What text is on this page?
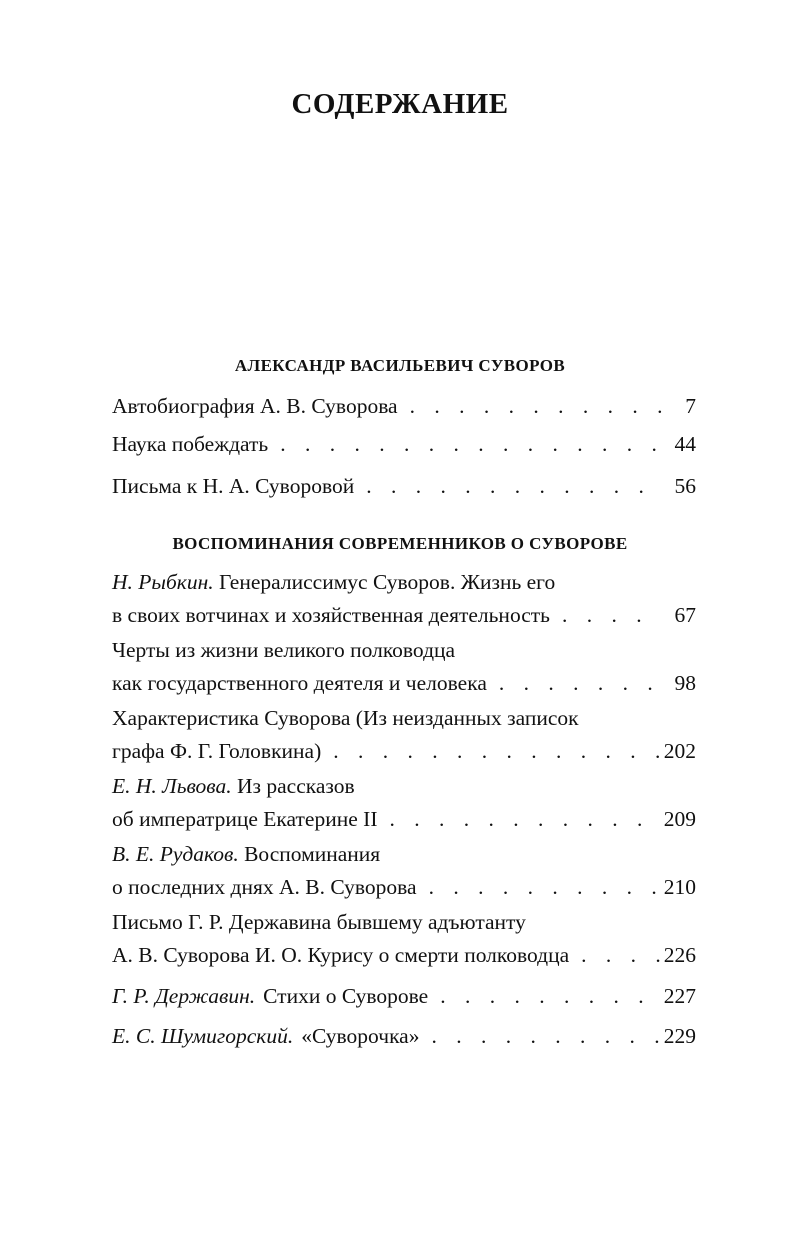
СОДЕРЖАНИЕ
АЛЕКСАНДР ВАСИЛЬЕВИЧ СУВОРОВ
Автобиография А. В. Суворова . . .	7
Наука побеждать . . .	44
Письма к Н. А. Суворовой . . .	56
ВОСПОМИНАНИЯ СОВРЕМЕННИКОВ О СУВОРОВЕ
Н. Рыбкин. Генералиссимус Суворов. Жизнь его
в своих вотчинах и хозяйственная деятельность . . .	67
Черты из жизни великого полководца
как государственного деятеля и человека . . .	98
Характеристика Суворова (Из неизданных записок
графа Ф. Г. Головкина) . . .	202
Е. Н. Львова. Из рассказов
об императрице Екатерине II . . .	209
В. Е. Рудаков. Воспоминания
о последних днях А. В. Суворова . . .	210
Письмо Г. Р. Державина бывшему адъютанту
А. В. Суворова И. О. Курису о смерти полководца . . .	226
Г. Р. Державин. Стихи о Суворове . . .	227
Е. С. Шумигорский. «Суворочка» . . .	229
